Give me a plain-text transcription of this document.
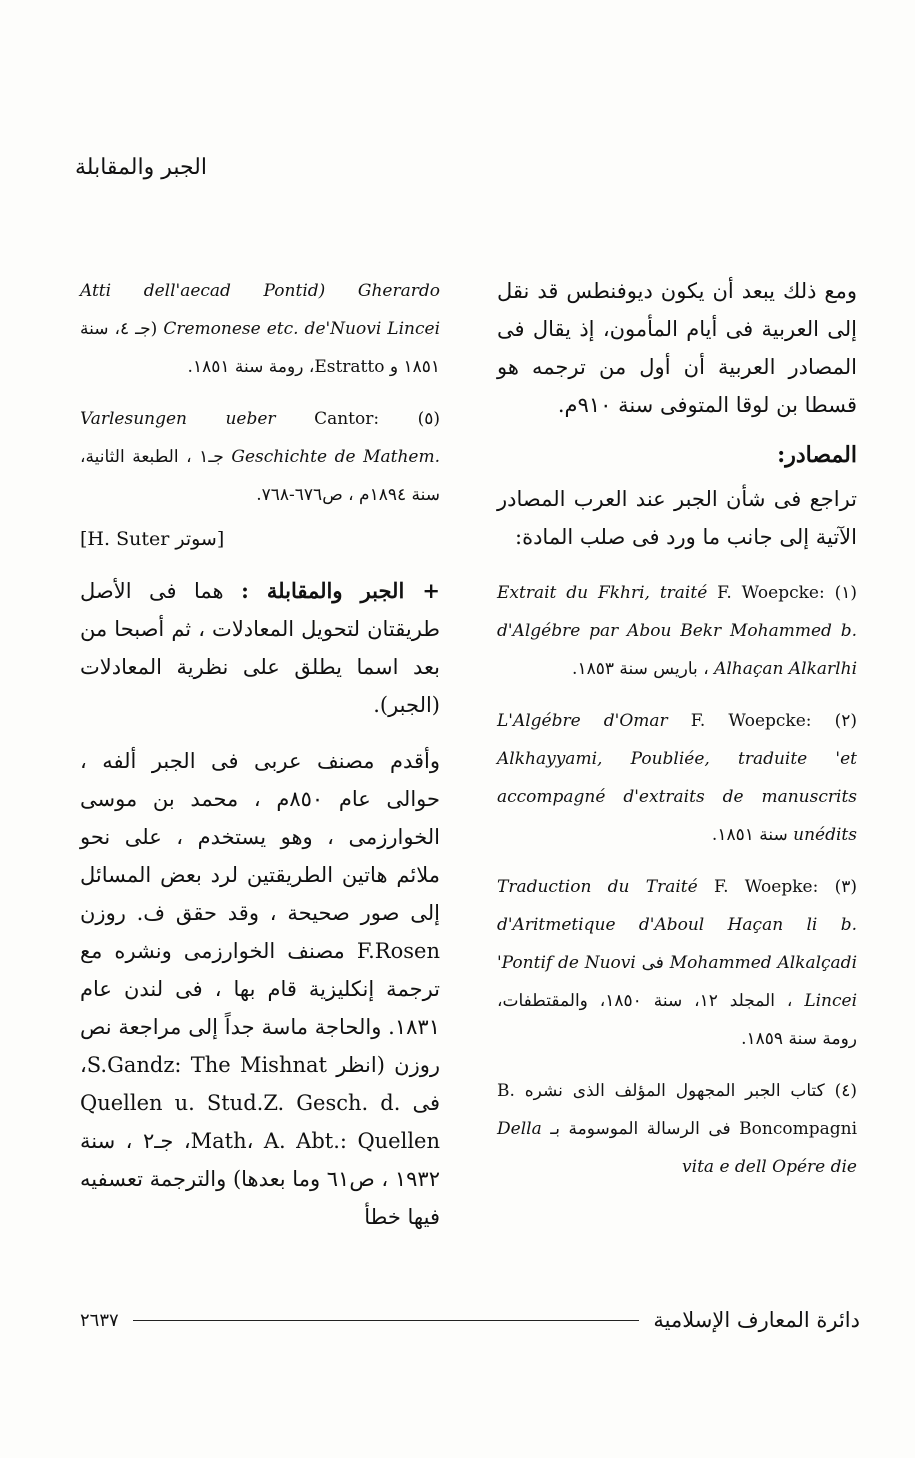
الجبر والمقابلة

ومع ذلك يبعد أن يكون ديوفنطس قد نقل إلى العربية فى أيام المأمون، إذ يقال فى المصادر العربية أن أول من ترجمه هو قسطا بن لوقا المتوفى سنة ٩١٠م.

المصادر:

تراجع فى شأن الجبر عند العرب المصادر الآتية إلى جانب ما ورد فى صلب المادة:

(١) F. Woepcke: Extrait du Fkhri, traité d'Algébre par Abou Bekr Mohammed b. Alhaçan Alkarlhi ، باريس سنة ١٨٥٣.

(٢) F. Woepcke: L'Algébre d'Omar Alkhayyami, Poubliée, traduite 'et accompagné d'extraits de manuscrits unédits سنة ١٨٥١.

(٣) F. Woepke: Traduction du Traité d'Aritmetique d'Aboul Haçan li b. Mohammed Alkalçadi فى 'Pontif de Nuovi Lincei ، المجلد ١٢، سنة ١٨٥٠، والمقتطفات، رومة سنة ١٨٥٩.

(٤) كتاب الجبر المجهول المؤلف الذى نشره B. Boncompagni فى الرسالة الموسومة بـ Della vita e dell Opére die

Atti dell'aecad Pontid) Gherardo Cremonese etc. de'Nuovi Lincei (جـ ٤، سنة ١٨٥١ و Estratto، رومة سنة ١٨٥١.

(٥) Cantor: Varlesungen ueber Geschichte de Mathem. جـ١ ، الطبعة الثانية، سنة ١٨٩٤م ، ص٦٧٦-٧٦٨.

[سوتر H. Suter]

+ الجبر والمقابلة : هما فى الأصل طريقتان لتحويل المعادلات ، ثم أصبحا من بعد اسما يطلق على نظرية المعادلات (الجبر).

وأقدم مصنف عربى فى الجبر ألفه ، حوالى عام ٨٥٠م ، محمد بن موسى الخوارزمى ، وهو يستخدم ، على نحو ملائم هاتين الطريقتين لرد بعض المسائل إلى صور صحيحة ، وقد حقق ف. روزن F.Rosen مصنف الخوارزمى ونشره مع ترجمة إنكليزية قام بها ، فى لندن عام ١٨٣١. والحاجة ماسة جداً إلى مراجعة نص روزن (انظر S.Gandz: The Mishnat، فى Quellen u. Stud.Z. Gesch. d. Math، A. Abt.: Quellen، جـ٢ ، سنة ١٩٣٢ ، ص٦١ وما بعدها) والترجمة تعسفيه فيها خطأ

دائرة المعارف الإسلامية
٢٦٣٧
